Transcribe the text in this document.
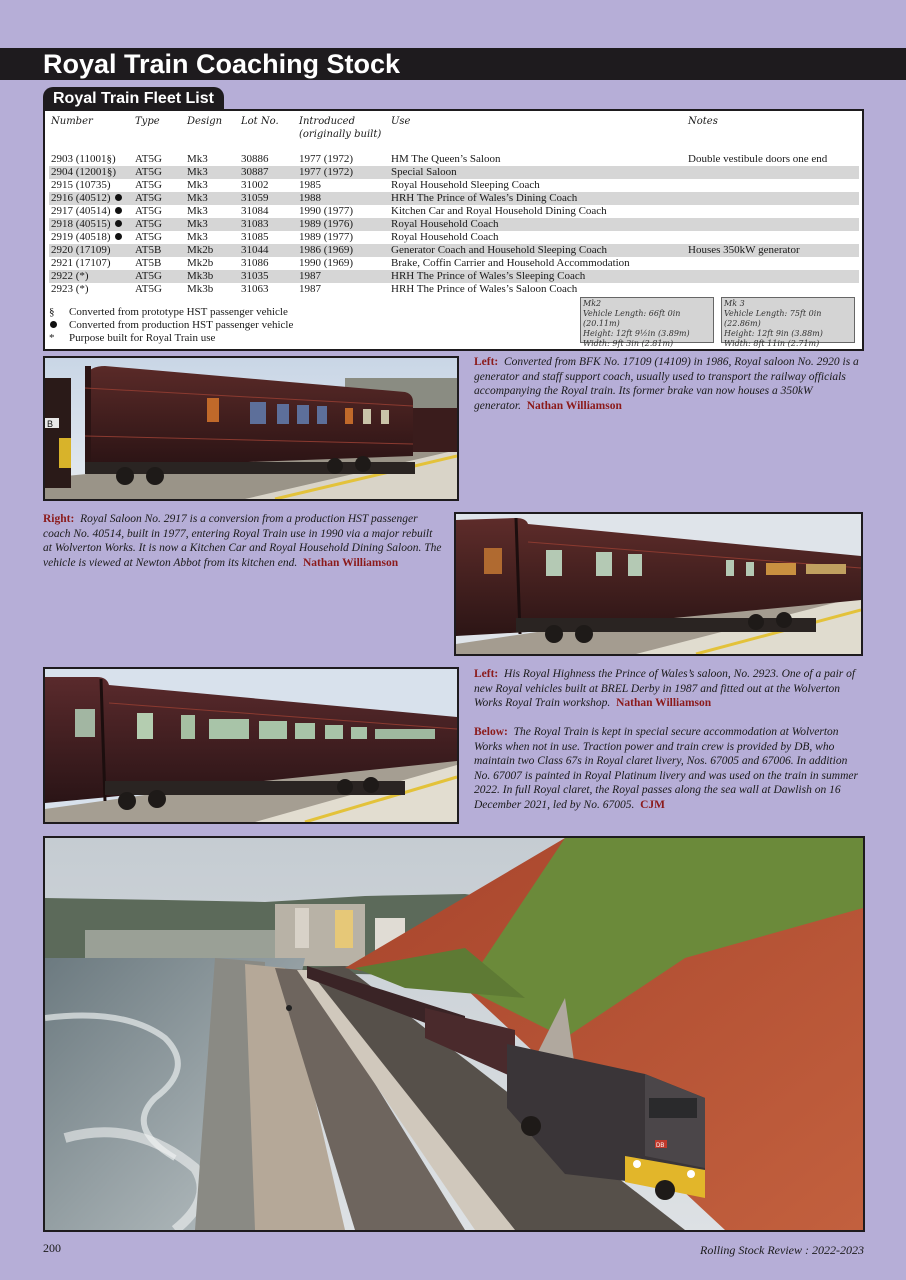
Royal Train Coaching Stock
Royal Train Fleet List
Number	Type	Design	Lot No.	Introduced
(originally built)	Use	Notes
2903 (11001§)	AT5G	Mk3	30886	1977 (1972)	HM The Queen’s Saloon	Double vestibule doors one end
2904 (12001§)	AT5G	Mk3	30887	1977 (1972)	Special Saloon	
2915 (10735)	AT5G	Mk3	31002	1985	Royal Household Sleeping Coach	
2916 (40512)	AT5G	Mk3	31059	1988	HRH The Prince of Wales’s Dining Coach	
2917 (40514)	AT5G	Mk3	31084	1990 (1977)	Kitchen Car and Royal Household Dining Coach	
2918 (40515)	AT5G	Mk3	31083	1989 (1976)	Royal Household Coach	
2919 (40518)	AT5G	Mk3	31085	1989 (1977)	Royal Household Coach	
2920 (17109)	AT5B	Mk2b	31044	1986 (1969)	Generator Coach and Household Sleeping Coach	Houses 350kW generator
2921 (17107)	AT5B	Mk2b	31086	1990 (1969)	Brake, Coffin Carrier and Household Accommodation	
2922 (*)	AT5G	Mk3b	31035	1987	HRH The Prince of Wales’s Sleeping Coach	
2923 (*)	AT5G	Mk3b	31063	1987	HRH The Prince of Wales’s Saloon Coach	
§ Converted from prototype HST passenger vehicle
Converted from production HST passenger vehicle
* Purpose built for Royal Train use
Mk2
Vehicle Length: 66ft 0in (20.11m)
Height: 12ft 9½in (3.89m)
Width: 9ft 3in (2.81m)
Mk 3
Vehicle Length: 75ft 0in (22.86m)
Height: 12ft 9in (3.88m)
Width: 8ft 11in (2.71m)
B
Left: Converted from BFK No. 17109 (14109) in 1986, Royal saloon No. 2920 is a generator and staff support coach, usually used to transport the railway officials accompanying the Royal train. Its former brake van now houses a 350kW generator. Nathan Williamson
Right: Royal Saloon No. 2917 is a conversion from a production HST passenger coach No. 40514, built in 1977, entering Royal Train use in 1990 via a major rebuilt at Wolverton Works. It is now a Kitchen Car and Royal Household Dining Saloon. The vehicle is viewed at Newton Abbot from its kitchen end. Nathan Williamson
Left: His Royal Highness the Prince of Wales’s saloon, No. 2923. One of a pair of new Royal vehicles built at BREL Derby in 1987 and fitted out at the Wolverton Works Royal Train workshop. Nathan Williamson
Below: The Royal Train is kept in special secure accommodation at Wolverton Works when not in use. Traction power and train crew is provided by DB, who maintain two Class 67s in Royal claret livery, Nos. 67005 and 67006. In addition No. 67007 is painted in Royal Platinum livery and was used on the train in summer 2022. In full Royal claret, the Royal passes along the sea wall at Dawlish on 16 December 2021, led by No. 67005. CJM
DB
200	Rolling Stock Review : 2022-2023
